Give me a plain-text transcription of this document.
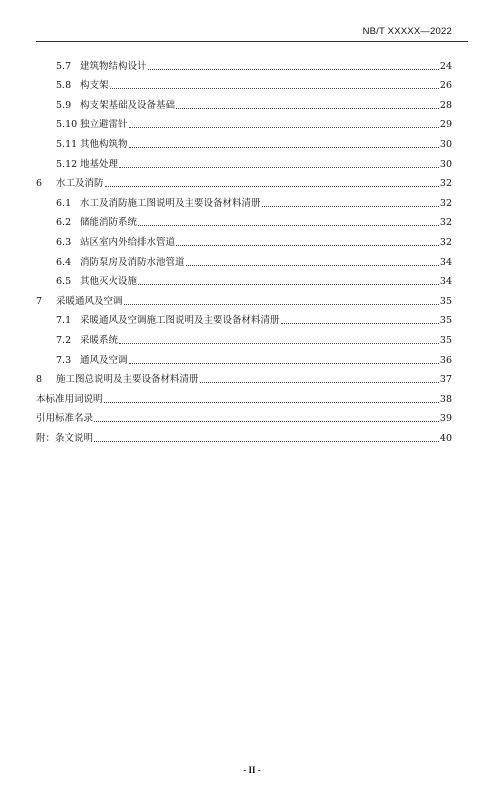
NB/T XXXXX—2022
5.7 建筑物结构设计	24
5.8 构支架	26
5.9 构支架基础及设备基础	28
5.10 独立避雷针	29
5.11 其他构筑物	30
5.12 地基处理	30
6	水工及消防	32
6.1 水工及消防施工图说明及主要设备材料清册	32
6.2 储能消防系统	32
6.3 站区室内外给排水管道	32
6.4 消防泵房及消防水池管道	34
6.5 其他灭火设施	34
7	采暖通风及空调	35
7.1 采暖通风及空调施工图说明及主要设备材料清册	35
7.2 采暖系统	35
7.3 通风及空调	36
8	施工图总说明及主要设备材料清册	37
本标准用词说明	38
引用标准名录	39
附：条文说明	40
- II -
